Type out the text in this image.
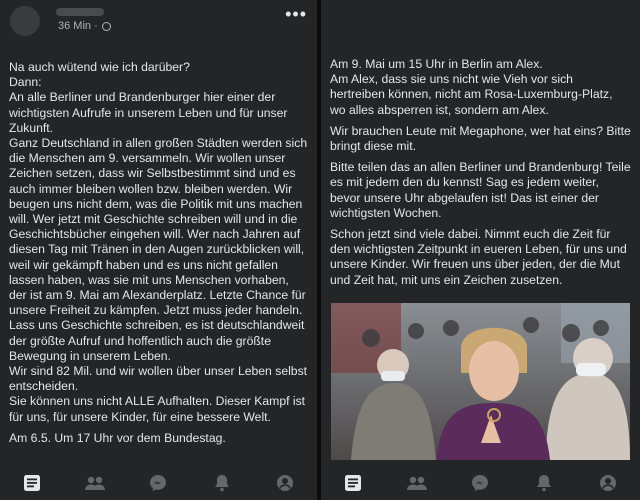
36 Min ·
•••

Na auch wütend wie ich darüber?
Dann:
An alle Berliner und Brandenburger hier einer der wichtigsten Aufrufe in unserem Leben und für unser Zukunft.
Ganz Deutschland in allen großen Städten werden sich die Menschen am 9. versammeln. Wir wollen unser Zeichen setzen, dass wir Selbstbestimmt sind und es auch immer bleiben wollen bzw. bleiben werden. Wir beugen uns nicht dem, was die Politik mit uns machen will. Wer jetzt mit Geschichte schreiben will und in die Geschichtsbücher eingehen will. Wer nach Jahren auf diesen Tag mit Tränen in den Augen zurückblicken will, weil wir gekämpft haben und es uns nicht gefallen lassen haben, was sie mit uns Menschen vorhaben, der ist am 9. Mai am Alexanderplatz. Letzte Chance für unsere Freiheit zu kämpfen. Jetzt muss jeder handeln. Lass uns Geschichte schreiben, es ist deutschlandweit der größte Aufruf und hoffentlich auch die größte Bewegung in unserem Leben.
Wir sind 82 Mil. und wir wollen über unser Leben selbst entscheiden.
Sie können uns nicht ALLE Aufhalten. Dieser Kampf ist für uns, für unsere Kinder, für eine bessere Welt.

Am 6.5. Um 17 Uhr vor dem Bundestag.

Am 9. Mai um 15 Uhr in Berlin am Alex.
Am Alex, dass sie uns nicht wie Vieh vor sich hertreiben können, nicht am Rosa-Luxemburg-Platz, wo alles absperren ist, sondern am Alex.

Wir brauchen Leute mit Megaphone, wer hat eins? Bitte bringt diese mit.

Bitte teilen das an allen Berliner und Brandenburg! Teile es mit jedem den du kennst! Sag es jedem weiter, bevor unsere Uhr abgelaufen ist! Das ist einer der wichtigsten Wochen.

Schon jetzt sind viele dabei. Nimmt euch die Zeit für den wichtigsten Zeitpunkt in eueren Leben, für uns und unsere Kinder. Wir freuen uns über jeden, der die Mut und Zeit hat, mit uns ein Zeichen zusetzen.
